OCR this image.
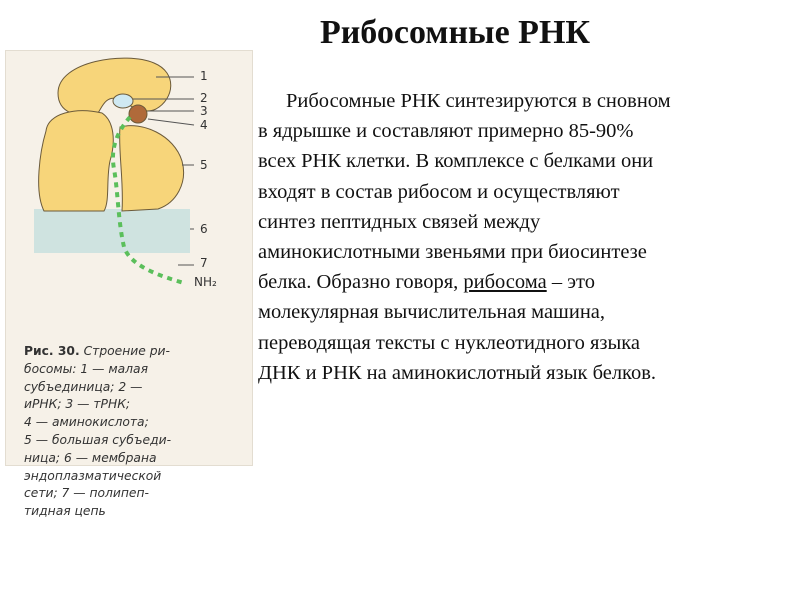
Рибосомные РНК
1
2
3
4
5
6
7
NH₂
Рис. 30. Строение ри-
босомы: 1 — малая
субъединица; 2 —
иРНК; 3 — тРНК;
4 — аминокислота;
5 — большая субъеди-
ница; 6 — мембрана
эндоплазматической
сети; 7 — полипеп-
тидная цепь
Рибосомные РНК синтезируются в сновном
в ядрышке и составляют примерно 85-90%
всех РНК клетки. В комплексе с белками они
входят в состав рибосом и осуществляют
синтез пептидных связей между
аминокислотными звеньями при биосинтезе
белка. Образно говоря, рибосома – это
молекулярная вычислительная машина,
переводящая тексты с нуклеотидного языка
ДНК и РНК на аминокислотный язык белков.
